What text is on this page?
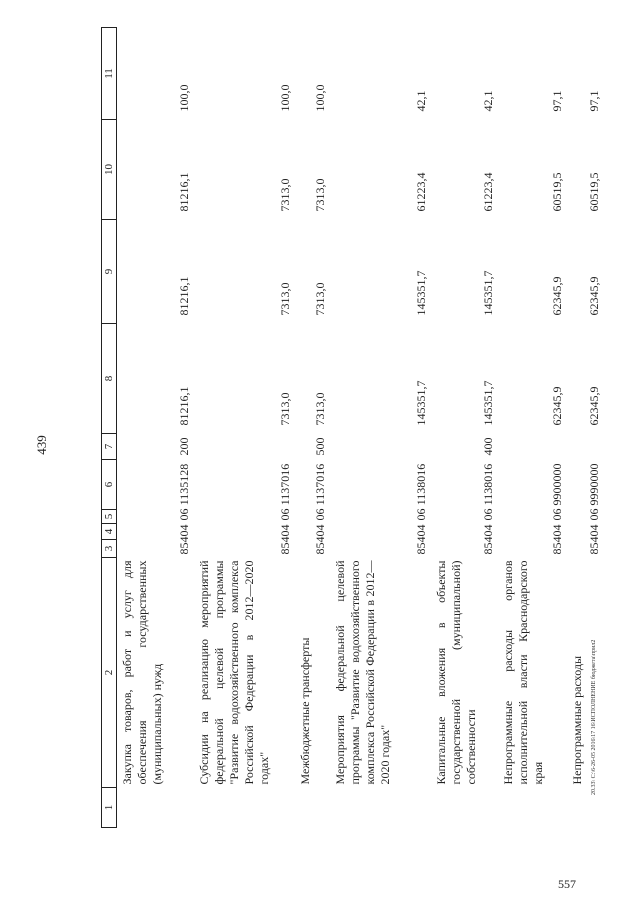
439
20.33\ C:\6-26-05 2016\17 16\ИСПОЛНЕНИЕ бюджета\прил2
557
1	2	3	4	5	6	7	8	9	10	11
	Закупка товаров, работ и услуг для обеспечения государственных (муниципальных) нужд	854	04	06	1135128	200	81216,1	81216,1	81216,1	100,0
	Субсидии на реализацию мероприятий федеральной целевой программы "Развитие водохозяйственного комплекса Российской Федерации в 2012—2020 годах"	854	04	06	1137016		7313,0	7313,0	7313,0	100,0
	Межбюджетные трансферты	854	04	06	1137016	500	7313,0	7313,0	7313,0	100,0
	Мероприятия федеральной целевой программы "Развитие водохозяйственного комплекса Российской Федерации в 2012—2020 годах"	854	04	06	1138016		145351,7	145351,7	61223,4	42,1
	Капитальные вложения в объекты государственной (муниципальной) собственности	854	04	06	1138016	400	145351,7	145351,7	61223,4	42,1
	Непрограммные расходы органов исполнительной власти Краснодарского края	854	04	06	9900000		62345,9	62345,9	60519,5	97,1
	Непрограммные расходы	854	04	06	9990000		62345,9	62345,9	60519,5	97,1
